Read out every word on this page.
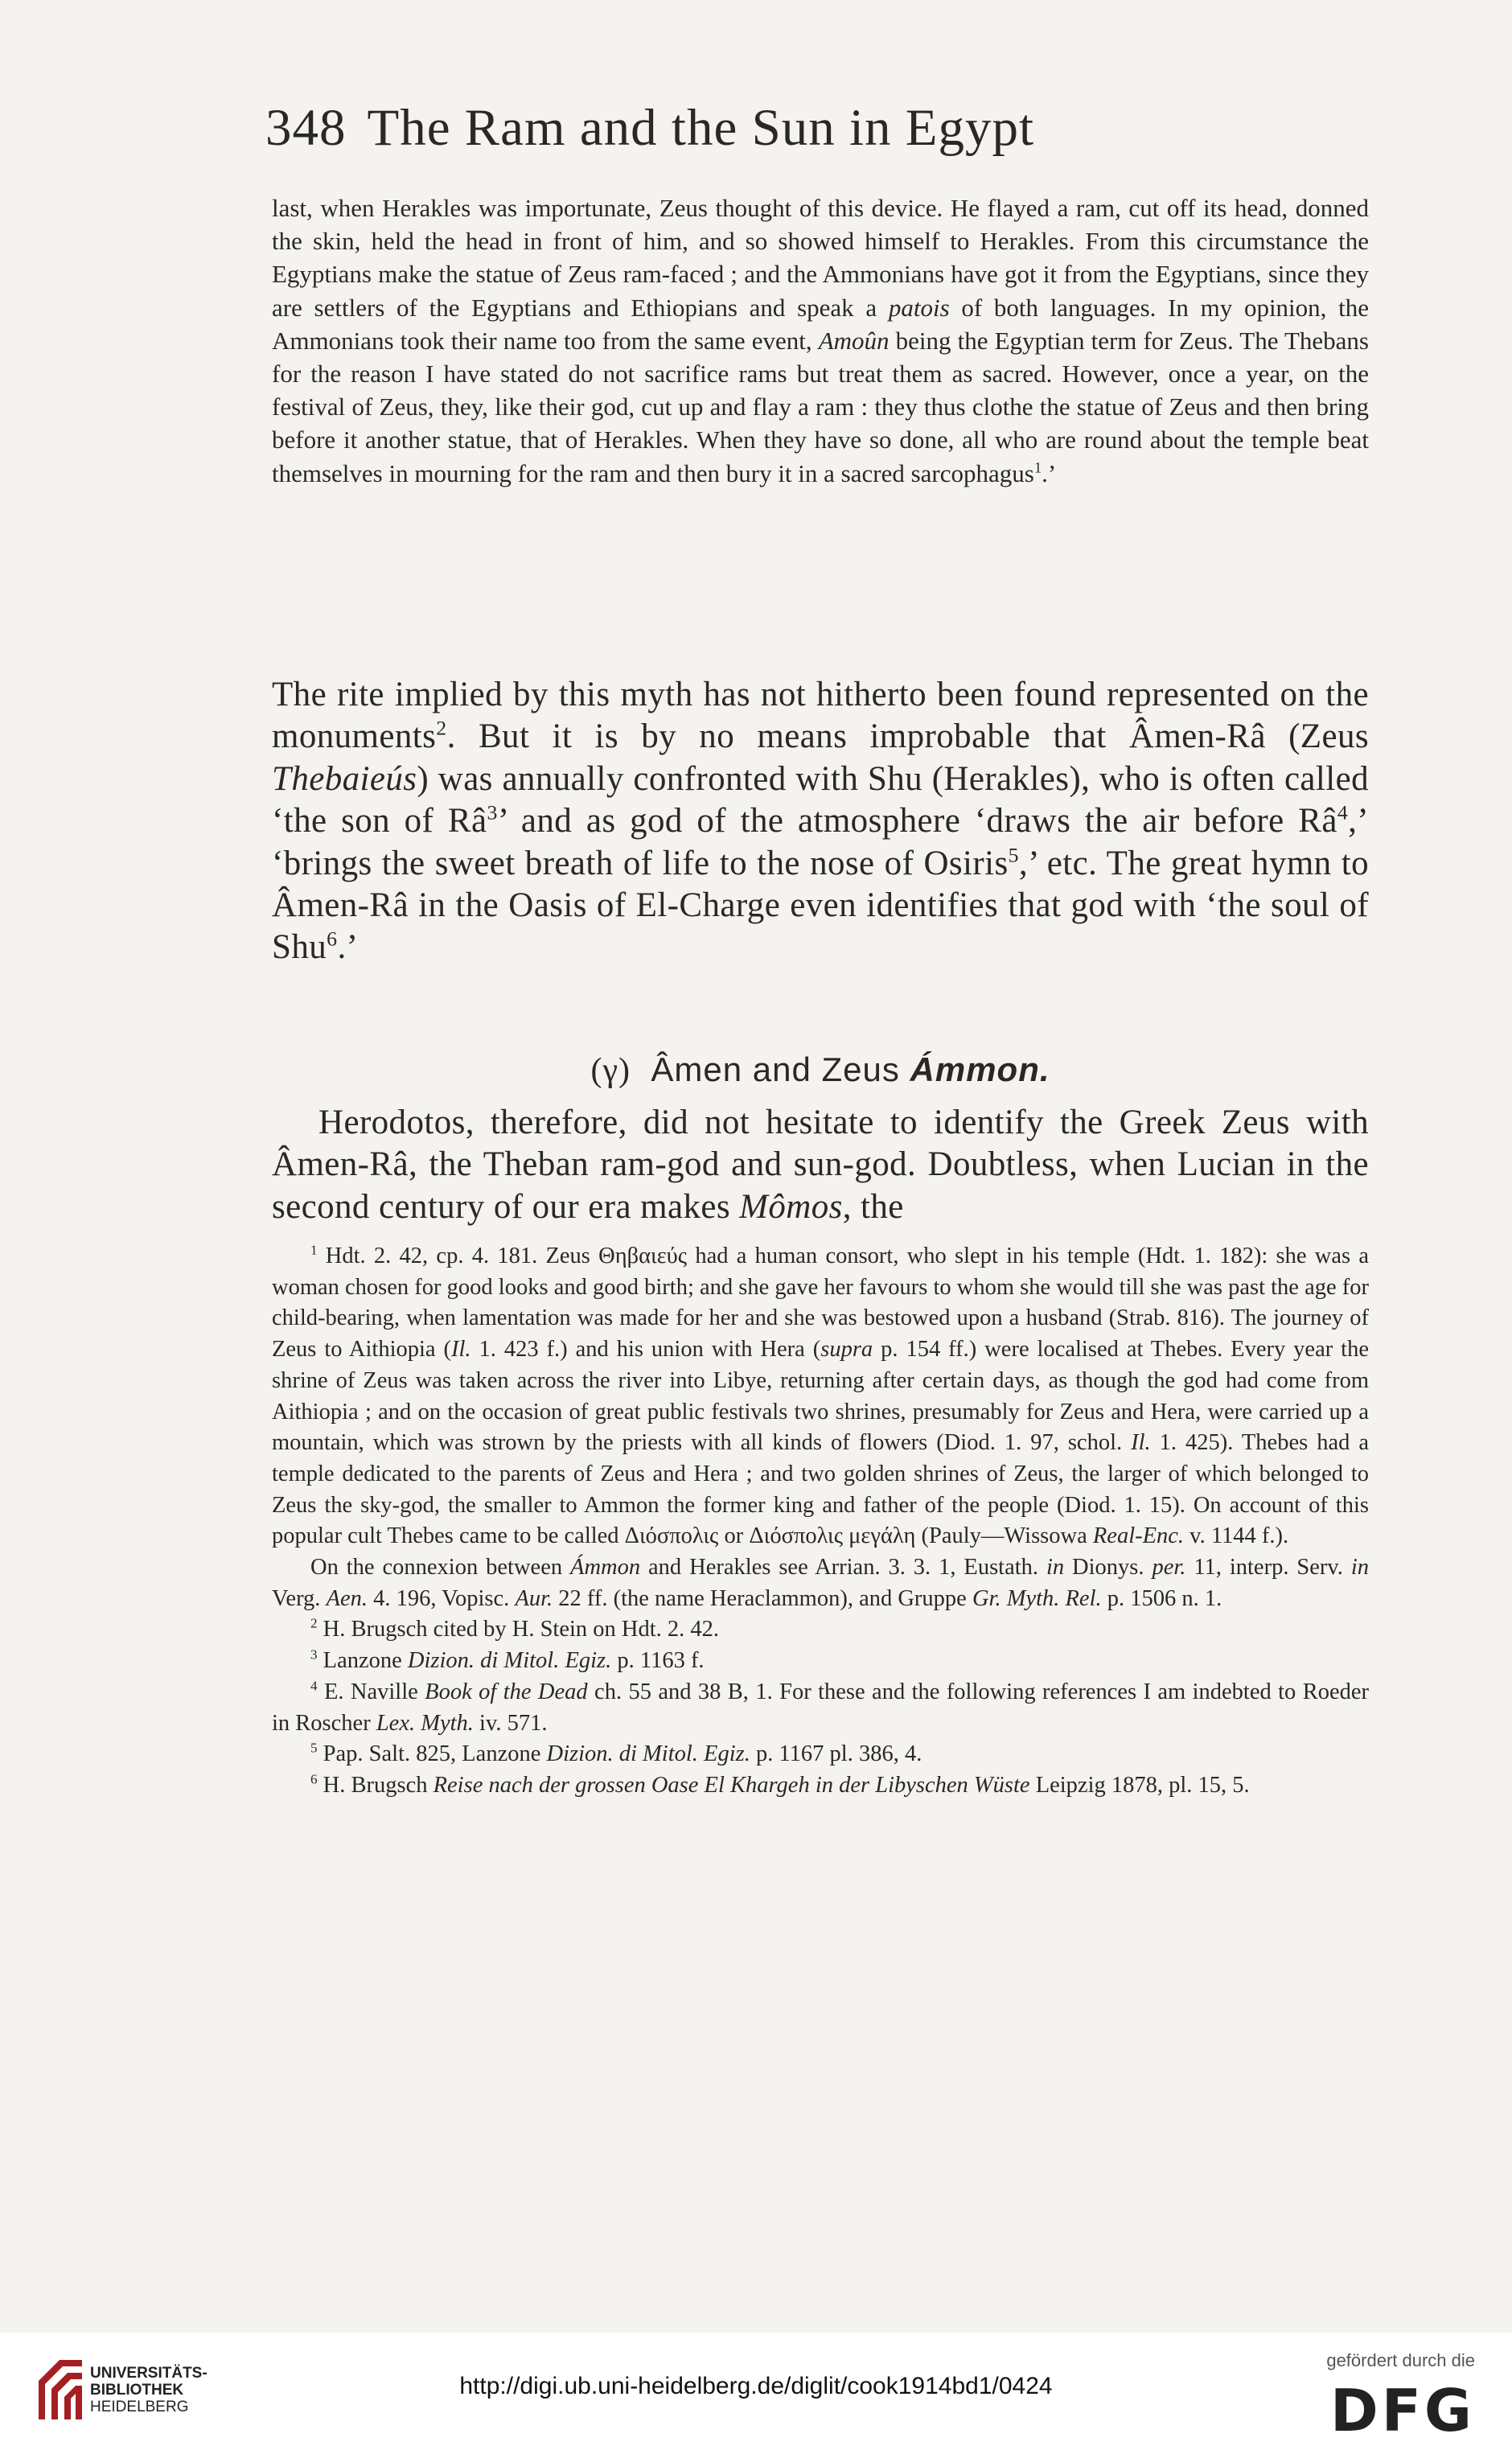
348 The Ram and the Sun in Egypt

last, when Herakles was importunate, Zeus thought of this device. He flayed a ram, cut off its head, donned the skin, held the head in front of him, and so showed himself to Herakles. From this circumstance the Egyptians make the statue of Zeus ram-faced ; and the Ammonians have got it from the Egyptians, since they are settlers of the Egyptians and Ethiopians and speak a patois of both languages. In my opinion, the Ammonians took their name too from the same event, Amoûn being the Egyptian term for Zeus. The Thebans for the reason I have stated do not sacrifice rams but treat them as sacred. However, once a year, on the festival of Zeus, they, like their god, cut up and flay a ram : they thus clothe the statue of Zeus and then bring before it another statue, that of Herakles. When they have so done, all who are round about the temple beat themselves in mourning for the ram and then bury it in a sacred sarcophagus$^1$.’

The rite implied by this myth has not hitherto been found represented on the monuments$^2$. But it is by no means improbable that Âmen-Râ (Zeus Thebaieús) was annually confronted with Shu (Herakles), who is often called ‘the son of $Râ^3$’ and as god of the atmosphere ‘draws the air before $Râ^4$,’ ‘brings the sweet breath of life to the nose of Osiris$^5$,’ etc. The great hymn to Âmen-Râ in the Oasis of El-Charge even identifies that god with ‘the soul of Shu$^6$.’

(γ) Âmen and Zeus Ámmon.

Herodotos, therefore, did not hesitate to identify the Greek Zeus with Âmen-Râ, the Theban ram-god and sun-god. Doubtless, when Lucian in the second century of our era makes Mômos, the

$^1$ Hdt. 2. 42, cp. 4. 181. Zeus Θηβαιεύς had a human consort, who slept in his temple (Hdt. 1. 182): she was a woman chosen for good looks and good birth; and she gave her favours to whom she would till she was past the age for child-bearing, when lamentation was made for her and she was bestowed upon a husband (Strab. 816). The journey of Zeus to Aithiopia (Il. 1. 423 f.) and his union with Hera (supra p. 154 ff.) were localised at Thebes. Every year the shrine of Zeus was taken across the river into Libye, returning after certain days, as though the god had come from Aithiopia ; and on the occasion of great public festivals two shrines, presumably for Zeus and Hera, were carried up a mountain, which was strown by the priests with all kinds of flowers (Diod. 1. 97, schol. Il. 1. 425). Thebes had a temple dedicated to the parents of Zeus and Hera ; and two golden shrines of Zeus, the larger of which belonged to Zeus the sky-god, the smaller to Ammon the former king and father of the people (Diod. 1. 15). On account of this popular cult Thebes came to be called Διόσπολις or Διόσπολις μεγάλη (Pauly—Wissowa Real-Enc. v. 1144 f.).

On the connexion between Ámmon and Herakles see Arrian. 3. 3. 1, Eustath. in Dionys. per. 11, interp. Serv. in Verg. Aen. 4. 196, Vopisc. Aur. 22 ff. (the name Heraclammon), and Gruppe Gr. Myth. Rel. p. 1506 n. 1.

$^2$ H. Brugsch cited by H. Stein on Hdt. 2. 42.

$^3$ Lanzone Dizion. di Mitol. Egiz. p. 1163 f.

$^4$ E. Naville Book of the Dead ch. 55 and 38 B, 1. For these and the following references I am indebted to Roeder in Roscher Lex. Myth. iv. 571.

$^5$ Pap. Salt. 825, Lanzone Dizion. di Mitol. Egiz. p. 1167 pl. 386, 4.

$^6$ H. Brugsch Reise nach der grossen Oase El Khargeh in der Libyschen Wüste Leipzig 1878, pl. 15, 5.

UNIVERSITÄTS-
BIBLIOTHEK
HEIDELBERG
http://digi.ub.uni-heidelberg.de/diglit/cook1914bd1/0424
gefördert durch die
DFG
